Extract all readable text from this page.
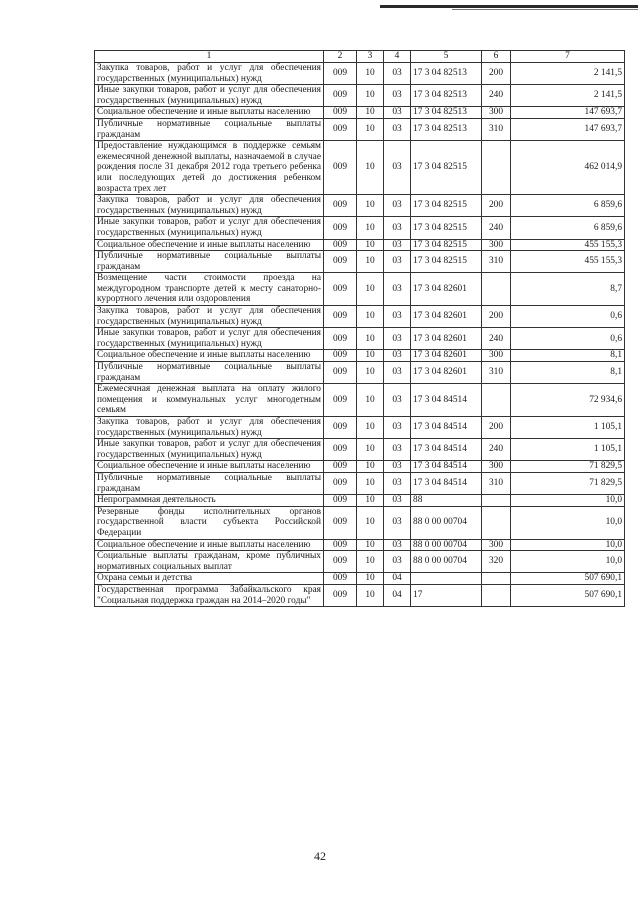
1	2	3	4	5	6	7
Закупка товаров, работ и услуг для обеспечения государственных (муниципальных) нужд	009	10	03	17 3 04 82513	200	2 141,5
Иные закупки товаров, работ и услуг для обеспечения государственных (муниципальных) нужд	009	10	03	17 3 04 82513	240	2 141,5
Социальное обеспечение и иные выплаты населению	009	10	03	17 3 04 82513	300	147 693,7
Публичные нормативные социальные выплаты гражданам	009	10	03	17 3 04 82513	310	147 693,7
Предоставление нуждающимся в поддержке семьям ежемесячной денежной выплаты, назначаемой в случае рождения после 31 декабря 2012 года третьего ребенка или последующих детей до достижения ребенком возраста трех лет	009	10	03	17 3 04 82515		462 014,9
Закупка товаров, работ и услуг для обеспечения государственных (муниципальных) нужд	009	10	03	17 3 04 82515	200	6 859,6
Иные закупки товаров, работ и услуг для обеспечения государственных (муниципальных) нужд	009	10	03	17 3 04 82515	240	6 859,6
Социальное обеспечение и иные выплаты населению	009	10	03	17 3 04 82515	300	455 155,3
Публичные нормативные социальные выплаты гражданам	009	10	03	17 3 04 82515	310	455 155,3
Возмещение части стоимости проезда на междугородном транспорте детей к месту санаторно-курортного лечения или оздоровления	009	10	03	17 3 04 82601		8,7
Закупка товаров, работ и услуг для обеспечения государственных (муниципальных) нужд	009	10	03	17 3 04 82601	200	0,6
Иные закупки товаров, работ и услуг для обеспечения государственных (муниципальных) нужд	009	10	03	17 3 04 82601	240	0,6
Социальное обеспечение и иные выплаты населению	009	10	03	17 3 04 82601	300	8,1
Публичные нормативные социальные выплаты гражданам	009	10	03	17 3 04 82601	310	8,1
Ежемесячная денежная выплата на оплату жилого помещения и коммунальных услуг многодетным семьям	009	10	03	17 3 04 84514		72 934,6
Закупка товаров, работ и услуг для обеспечения государственных (муниципальных) нужд	009	10	03	17 3 04 84514	200	1 105,1
Иные закупки товаров, работ и услуг для обеспечения государственных (муниципальных) нужд	009	10	03	17 3 04 84514	240	1 105,1
Социальное обеспечение и иные выплаты населению	009	10	03	17 3 04 84514	300	71 829,5
Публичные нормативные социальные выплаты гражданам	009	10	03	17 3 04 84514	310	71 829,5
Непрограммная деятельность	009	10	03	88		10,0
Резервные фонды исполнительных органов государственной власти субъекта Российской Федерации	009	10	03	88 0 00 00704		10,0
Социальное обеспечение и иные выплаты населению	009	10	03	88 0 00 00704	300	10,0
Социальные выплаты гражданам, кроме публичных нормативных социальных выплат	009	10	03	88 0 00 00704	320	10,0
Охрана семьи и детства	009	10	04			507 690,1
Государственная программа Забайкальского края "Социальная поддержка граждан на 2014–2020 годы"	009	10	04	17		507 690,1
42
